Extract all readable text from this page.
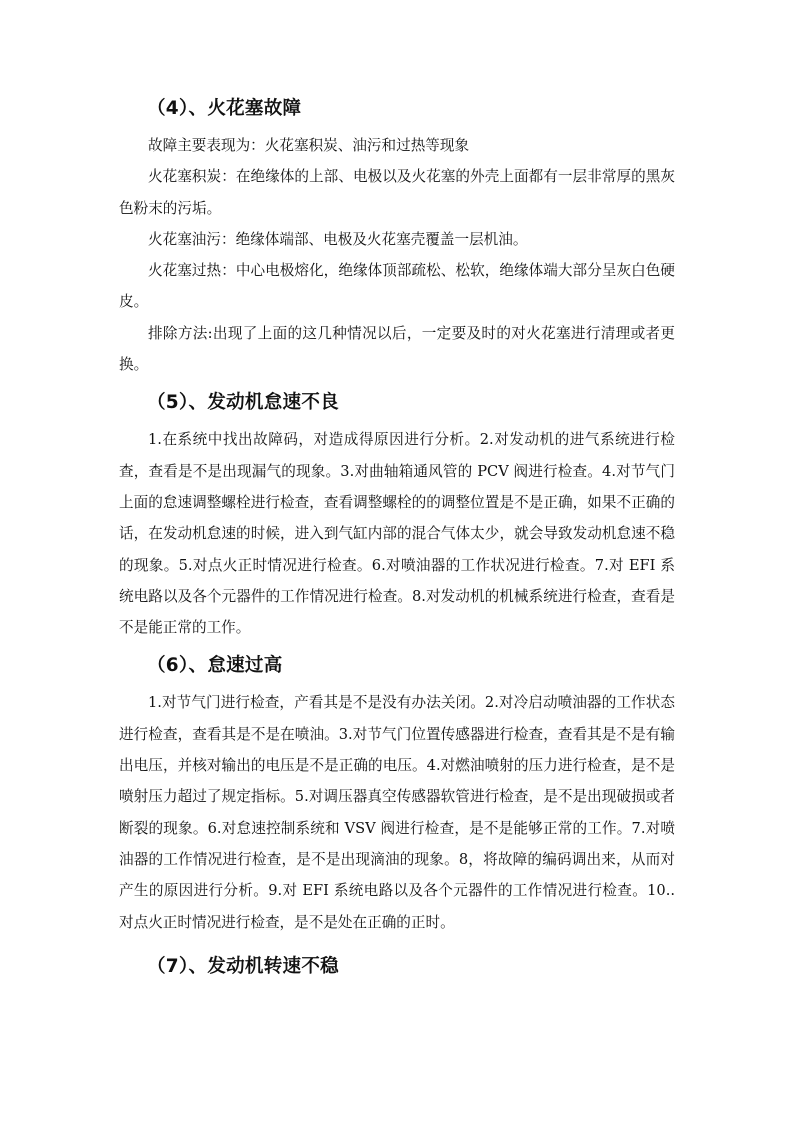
（4）、火花塞故障

故障主要表现为：火花塞积炭、油污和过热等现象

火花塞积炭：在绝缘体的上部、电极以及火花塞的外壳上面都有一层非常厚的黑灰色粉末的污垢。

火花塞油污：绝缘体端部、电极及火花塞壳覆盖一层机油。

火花塞过热：中心电极熔化，绝缘体顶部疏松、松软，绝缘体端大部分呈灰白色硬皮。

排除方法:出现了上面的这几种情况以后，一定要及时的对火花塞进行清理或者更换。

（5）、发动机怠速不良

1.在系统中找出故障码，对造成得原因进行分析。2.对发动机的进气系统进行检查，查看是不是出现漏气的现象。3.对曲轴箱通风管的 PCV 阀进行检查。4.对节气门上面的怠速调整螺栓进行检查，查看调整螺栓的的调整位置是不是正确，如果不正确的话，在发动机怠速的时候，进入到气缸内部的混合气体太少，就会导致发动机怠速不稳的现象。5.对点火正时情况进行检查。6.对喷油器的工作状况进行检查。7.对 EFI 系统电路以及各个元器件的工作情况进行检查。8.对发动机的机械系统进行检查，查看是不是能正常的工作。

（6）、怠速过高

1.对节气门进行检查，产看其是不是没有办法关闭。2.对冷启动喷油器的工作状态进行检查，查看其是不是在喷油。3.对节气门位置传感器进行检查，查看其是不是有输出电压，并核对输出的电压是不是正确的电压。4.对燃油喷射的压力进行检查，是不是喷射压力超过了规定指标。5.对调压器真空传感器软管进行检查，是不是出现破损或者断裂的现象。6.对怠速控制系统和 VSV 阀进行检查，是不是能够正常的工作。7.对喷油器的工作情况进行检查，是不是出现滴油的现象。8，将故障的编码调出来，从而对产生的原因进行分析。9.对 EFI 系统电路以及各个元器件的工作情况进行检查。10..对点火正时情况进行检查，是不是处在正确的正时。

（7）、发动机转速不稳
